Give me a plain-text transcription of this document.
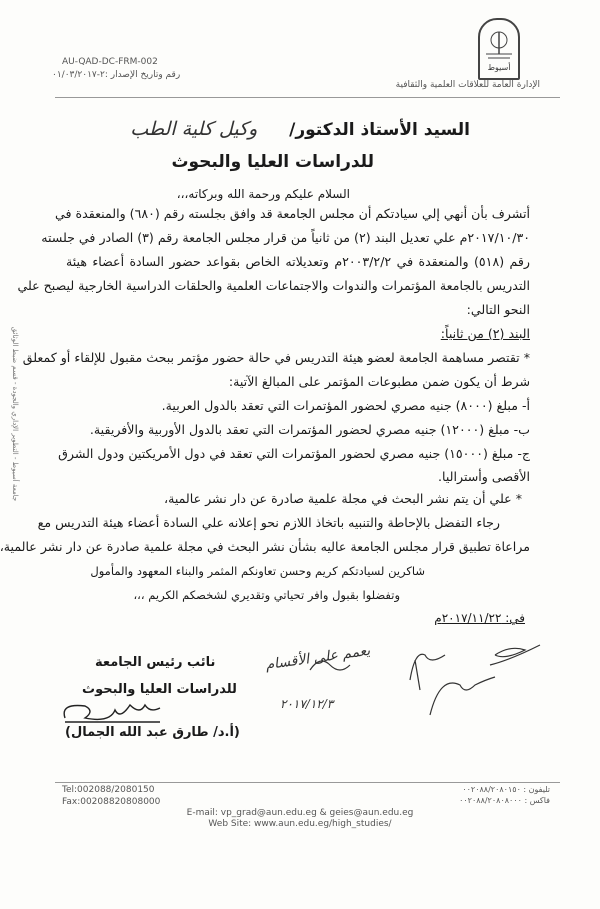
أسيوط
الإدارة العامة للعلاقات العلمية والثقافية
AU-QAD-DC-FRM-002
رقم وتاريخ الإصدار :٢-٠١/٠٣/٢٠١٧
جامعة أسيوط - التطوير الإداري والجودة - قسم ضبط الوثائق
السيد الأستاذ الدكتور/  وكيل كلية الطب
للدراسات العليا والبحوث
السلام عليكم ورحمة الله وبركاته،،،
أتشرف بأن أنهي إلي سيادتكم أن مجلس الجامعة قد وافق بجلسته رقم (٦٨٠) والمنعقدة في
٢٠١٧/١٠/٣٠م علي تعديل البند (٢) من ثانياً من قرار مجلس الجامعة رقم (٣) الصادر في جلسته
رقم (٥١٨) والمنعقدة في ٢٠٠٣/٢/٢م وتعديلاته الخاص بقواعد حضور السادة أعضاء هيئة
التدريس بالجامعة المؤتمرات والندوات والاجتماعات العلمية والحلقات الدراسية الخارجية ليصبح علي
النحو التالي:
البند (٢) من ثانياً:
* تقتصر مساهمة الجامعة لعضو هيئة التدريس في حالة حضور مؤتمر ببحث مقبول للإلقاء أو كمعلق
شرط أن يكون ضمن مطبوعات المؤتمر على المبالغ الآتية:
أ- مبلغ (٨٠٠٠) جنيه مصري لحضور المؤتمرات التي تعقد بالدول العربية.
ب- مبلغ (١٢٠٠٠) جنيه مصري لحضور المؤتمرات التي تعقد بالدول الأوربية والأفريقية.
ج- مبلغ (١٥٠٠٠) جنيه مصري لحضور المؤتمرات التي تعقد في دول الأمريكتين ودول الشرق
الأقصى وأستراليا.
* علي أن يتم نشر البحث في مجلة علمية صادرة عن دار نشر عالمية،
رجاء التفضل بالإحاطة والتنبيه باتخاذ اللازم نحو إعلانه علي السادة أعضاء هيئة التدريس مع
مراعاة تطبيق قرار مجلس الجامعة عاليه بشأن نشر البحث في مجلة علمية صادرة عن دار نشر عالمية،
شاكرين لسيادتكم كريم وحسن تعاونكم المثمر والبناء المعهود والمأمول
وتفضلوا بقبول وافر تحياتي وتقديري لشخصكم الكريم ،،،
في: ٢٠١٧/١١/٢٢م
يعمم على الأقسام
٢٠١٧/١٢/٣
نائب رئيس الجامعة
للدراسات العليا والبحوث
(أ.د/ طارق عبد الله الجمال)
Tel:002088/2080150
Fax:00208820808000
تليفون : ٠٠٢٠٨٨/٢٠٨٠١٥٠
فاكس : ٠٠٢٠٨٨/٢٠٨٠٨٠٠٠
E-mail: vp_grad@aun.edu.eg & geies@aun.edu.eg
Web Site: www.aun.edu.eg/high_studies/
